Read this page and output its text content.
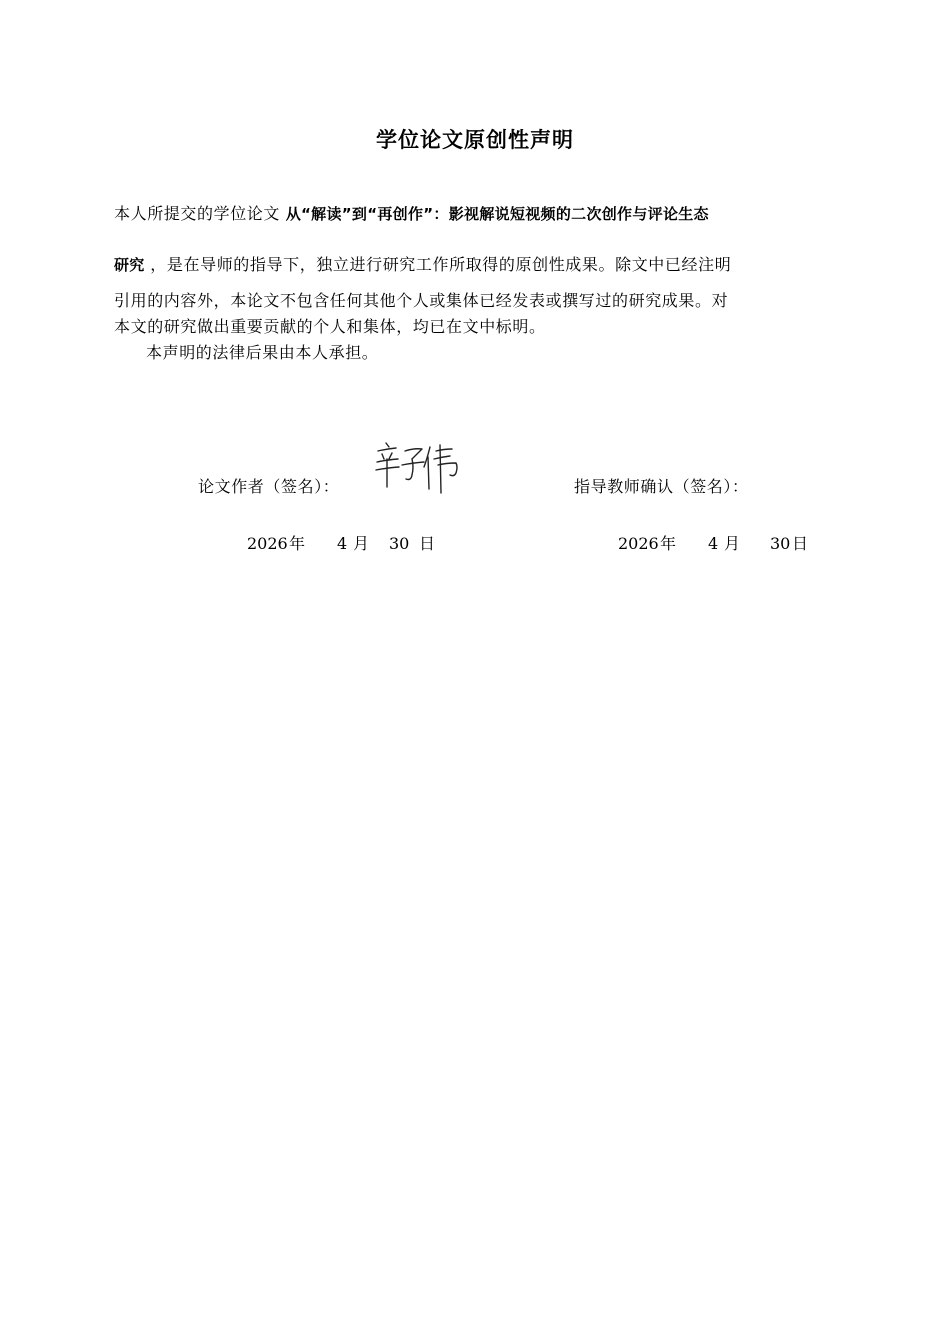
学位论文原创性声明
本人所提交的学位论文 从“解读”到“再创作”：影视解说短视频的二次创作与评论生态
研究 ，是在导师的指导下，独立进行研究工作所取得的原创性成果。除文中已经注明
引用的内容外，本论文不包含任何其他个人或集体已经发表或撰写过的研究成果。对
本文的研究做出重要贡献的个人和集体，均已在文中标明。
本声明的法律后果由本人承担。
论文作者（签名）：	指导教师确认（签名）：
2026 年 4 月 30 日	2026 年 4 月 30 日
